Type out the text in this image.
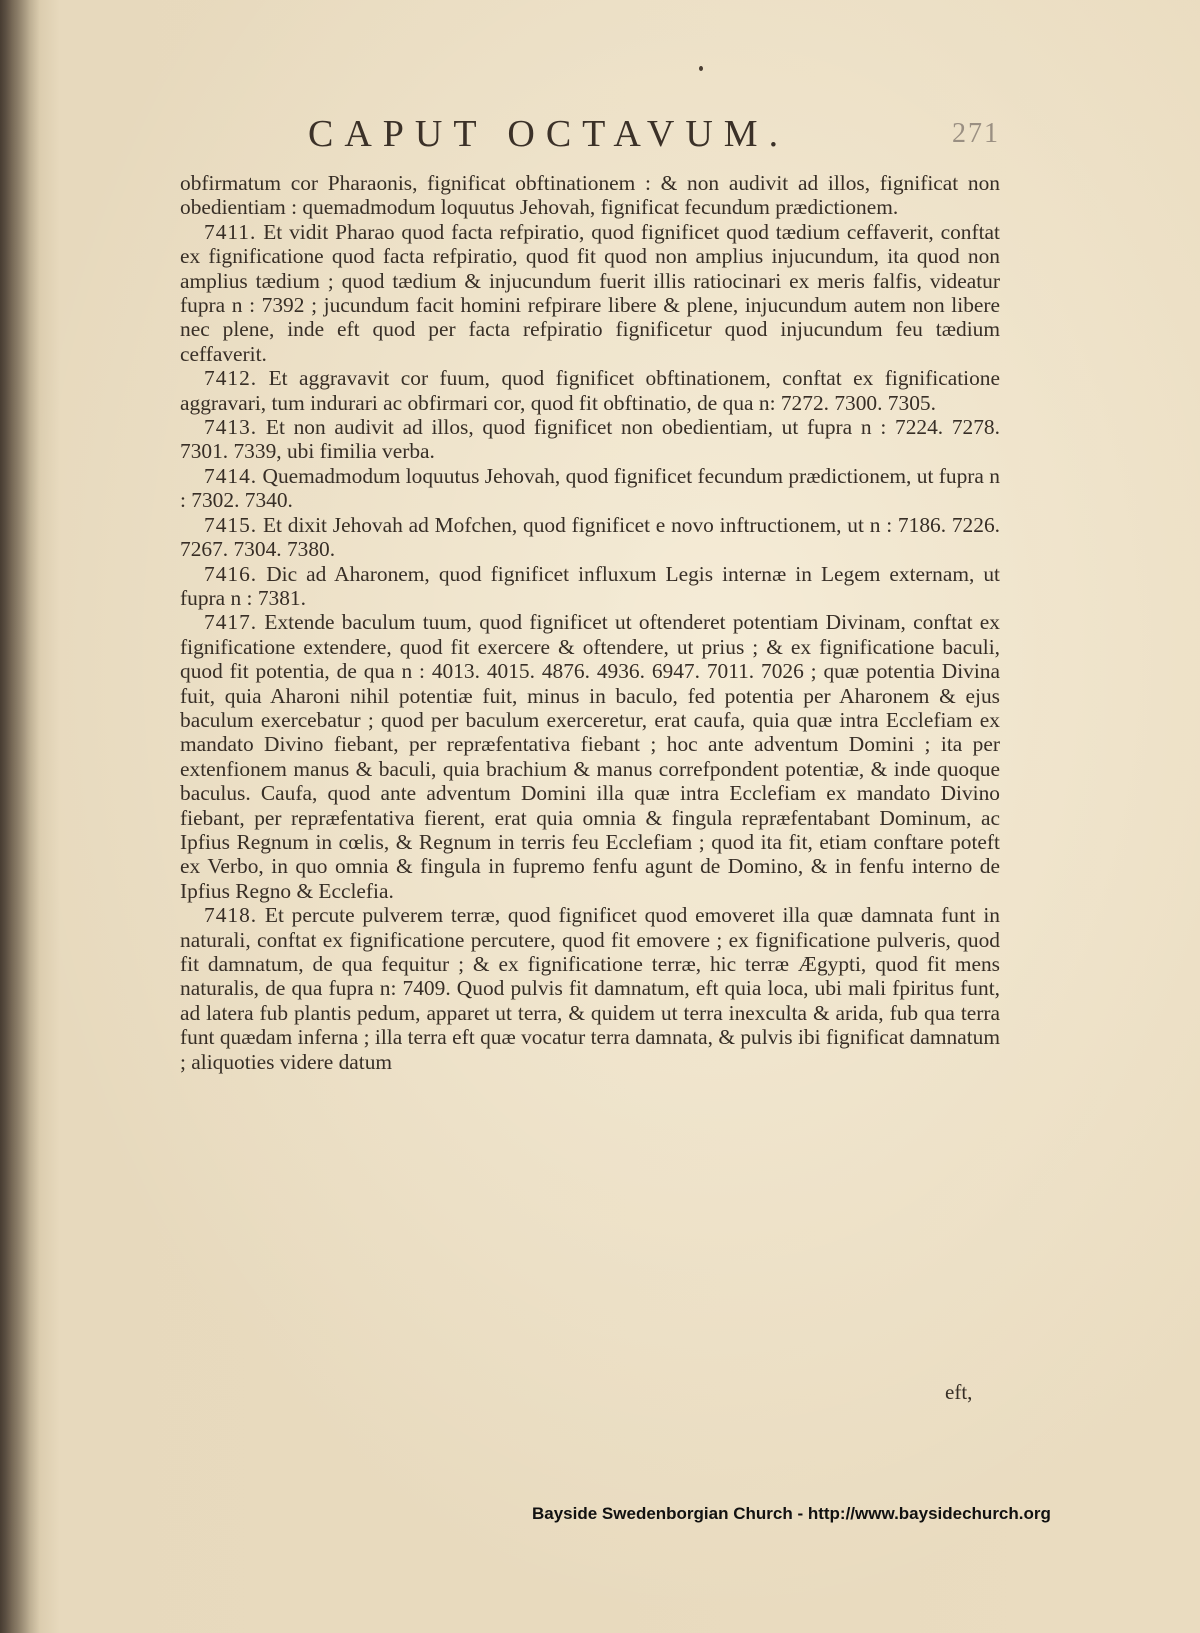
CAPUT OCTAVUM.	271

obfirmatum cor Pharaonis, fignificat obftinationem : & non audivit ad illos, fignificat non obedientiam : quemadmodum loquutus Jehovah, fignificat fecundum prædictionem.

7411. Et vidit Pharao quod facta refpiratio, quod fignificet quod tædium ceffaverit, conftat ex fignificatione quod facta refpiratio, quod fit quod non amplius injucundum, ita quod non amplius tædium ; quod tædium & injucundum fuerit illis ratiocinari ex meris falfis, videatur fupra n : 7392 ; jucundum facit homini refpirare libere & plene, injucundum autem non libere nec plene, inde eft quod per facta refpiratio fignificetur quod injucundum feu tædium ceffaverit.

7412. Et aggravavit cor fuum, quod fignificet obftinationem, conftat ex fignificatione aggravari, tum indurari ac obfirmari cor, quod fit obftinatio, de qua n: 7272. 7300. 7305.

7413. Et non audivit ad illos, quod fignificet non obedientiam, ut fupra n : 7224. 7278. 7301. 7339, ubi fimilia verba.

7414. Quemadmodum loquutus Jehovah, quod fignificet fecundum prædictionem, ut fupra n : 7302. 7340.

7415. Et dixit Jehovah ad Mofchen, quod fignificet e novo inftructionem, ut n : 7186. 7226. 7267. 7304. 7380.

7416. Dic ad Aharonem, quod fignificet influxum Legis internæ in Legem externam, ut fupra n : 7381.

7417. Extende baculum tuum, quod fignificet ut oftenderet potentiam Divinam, conftat ex fignificatione extendere, quod fit exercere & oftendere, ut prius ; & ex fignificatione baculi, quod fit potentia, de qua n : 4013. 4015. 4876. 4936. 6947. 7011. 7026 ; quæ potentia Divina fuit, quia Aharoni nihil potentiæ fuit, minus in baculo, fed potentia per Aharonem & ejus baculum exercebatur ; quod per baculum exerceretur, erat caufa, quia quæ intra Ecclefiam ex mandato Divino fiebant, per repræfentativa fiebant ; hoc ante adventum Domini ; ita per extenfionem manus & baculi, quia brachium & manus correfpondent potentiæ, & inde quoque baculus. Caufa, quod ante adventum Domini illa quæ intra Ecclefiam ex mandato Divino fiebant, per repræfentativa fierent, erat quia omnia & fingula repræfentabant Dominum, ac Ipfius Regnum in cœlis, & Regnum in terris feu Ecclefiam ; quod ita fit, etiam conftare poteft ex Verbo, in quo omnia & fingula in fupremo fenfu agunt de Domino, & in fenfu interno de Ipfius Regno & Ecclefia.

7418. Et percute pulverem terræ, quod fignificet quod emoveret illa quæ damnata funt in naturali, conftat ex fignificatione percutere, quod fit emovere ; ex fignificatione pulveris, quod fit damnatum, de qua fequitur ; & ex fignificatione terræ, hic terræ Ægypti, quod fit mens naturalis, de qua fupra n: 7409. Quod pulvis fit damnatum, eft quia loca, ubi mali fpiritus funt, ad latera fub plantis pedum, apparet ut terra, & quidem ut terra inexculta & arida, fub qua terra funt quædam inferna ; illa terra eft quæ vocatur terra damnata, & pulvis ibi fignificat damnatum ; aliquoties videre datum

eft,
Bayside Swedenborgian Church - http://www.baysidechurch.org
